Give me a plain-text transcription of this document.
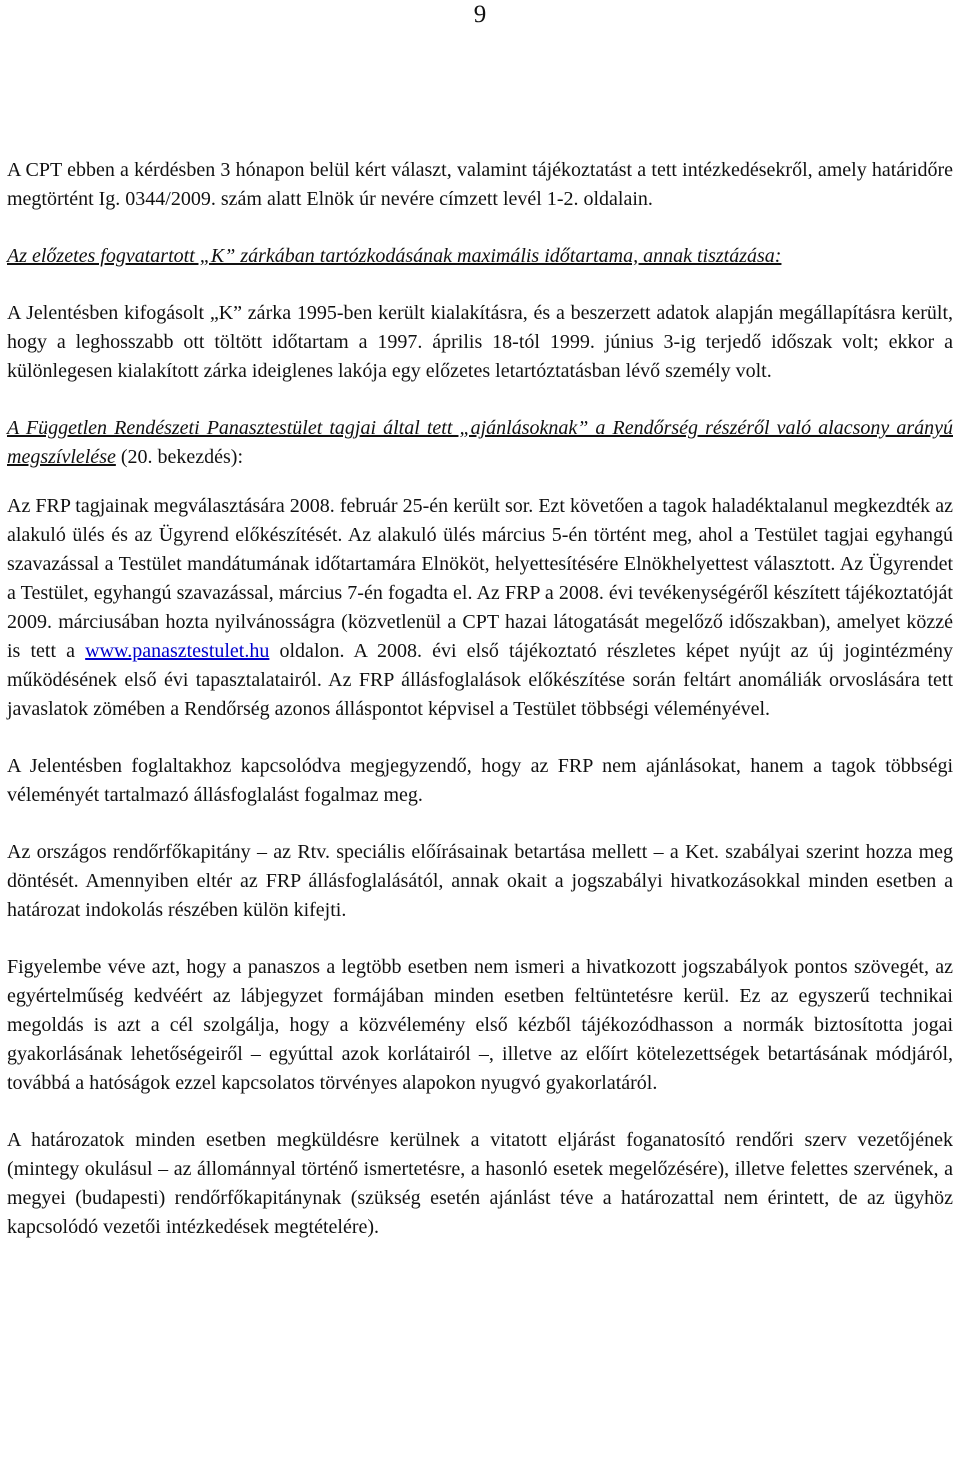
9

A CPT ebben a kérdésben 3 hónapon belül kért választ, valamint tájékoztatást a tett intézkedésekről, amely határidőre megtörtént Ig. 0344/2009. szám alatt Elnök úr nevére címzett levél 1-2. oldalain.

Az előzetes fogvatartott „K” zárkában tartózkodásának maximális időtartama, annak tisztázása:

A Jelentésben kifogásolt „K” zárka 1995-ben került kialakításra, és a beszerzett adatok alapján megállapításra került, hogy a leghosszabb ott töltött időtartam a 1997. április 18-tól 1999. június 3-ig terjedő időszak volt; ekkor a különlegesen kialakított zárka ideiglenes lakója egy előzetes letartóztatásban lévő személy volt.

A Független Rendészeti Panasztestület tagjai által tett „ajánlásoknak” a Rendőrség részéről való alacsony arányú megszívlelése (20. bekezdés):

Az FRP tagjainak megválasztására 2008. február 25-én került sor. Ezt követően a tagok haladéktalanul megkezdték az alakuló ülés és az Ügyrend előkészítését. Az alakuló ülés március 5-én történt meg, ahol a Testület tagjai egyhangú szavazással a Testület mandátumának időtartamára Elnököt, helyettesítésére Elnökhelyettest választott. Az Ügyrendet a Testület, egyhangú szavazással, március 7-én fogadta el. Az FRP a 2008. évi tevékenységéről készített tájékoztatóját 2009. márciusában hozta nyilvánosságra (közvetlenül a CPT hazai látogatását megelőző időszakban), amelyet közzé is tett a www.panasztestulet.hu oldalon. A 2008. évi első tájékoztató részletes képet nyújt az új jogintézmény működésének első évi tapasztalatairól. Az FRP állásfoglalások előkészítése során feltárt anomáliák orvoslására tett javaslatok zömében a Rendőrség azonos álláspontot képvisel a Testület többségi véleményével.

A Jelentésben foglaltakhoz kapcsolódva megjegyzendő, hogy az FRP nem ajánlásokat, hanem a tagok többségi véleményét tartalmazó állásfoglalást fogalmaz meg.

Az országos rendőrfőkapitány – az Rtv. speciális előírásainak betartása mellett – a Ket. szabályai szerint hozza meg döntését. Amennyiben eltér az FRP állásfoglalásától, annak okait a jogszabályi hivatkozásokkal minden esetben a határozat indokolás részében külön kifejti.

Figyelembe véve azt, hogy a panaszos a legtöbb esetben nem ismeri a hivatkozott jogszabályok pontos szövegét, az egyértelműség kedvéért az lábjegyzet formájában minden esetben feltüntetésre kerül. Ez az egyszerű technikai megoldás is azt a cél szolgálja, hogy a közvélemény első kézből tájékozódhasson a normák biztosította jogai gyakorlásának lehetőségeiről – egyúttal azok korlátairól –, illetve az előírt kötelezettségek betartásának módjáról, továbbá a hatóságok ezzel kapcsolatos törvényes alapokon nyugvó gyakorlatáról.

A határozatok minden esetben megküldésre kerülnek a vitatott eljárást foganatosító rendőri szerv vezetőjének (mintegy okulásul – az állománnyal történő ismertetésre, a hasonló esetek megelőzésére), illetve felettes szervének, a megyei (budapesti) rendőrfőkapitánynak (szükség esetén ajánlást téve a határozattal nem érintett, de az ügyhöz kapcsolódó vezetői intézkedések megtételére).
